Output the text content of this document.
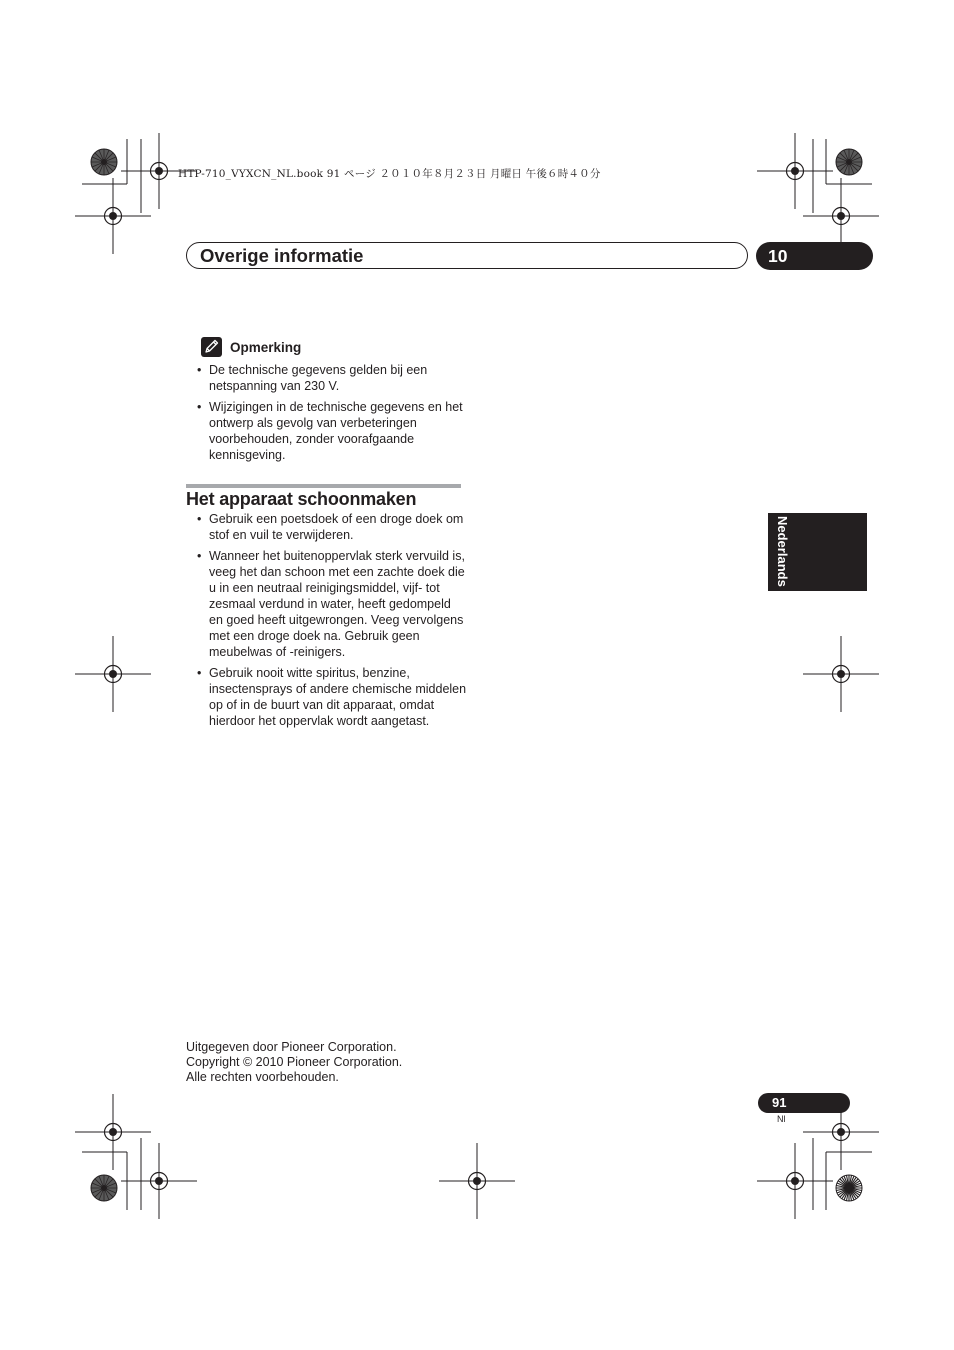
HTP-710_VYXCN_NL.book 91 ページ ２０１０年８月２３日 月曜日 午後６時４０分
Overige informatie	10
Opmerking
• De technische gegevens gelden bij een netspanning van 230 V.
• Wijzigingen in de technische gegevens en het ontwerp als gevolg van verbeteringen voorbehouden, zonder voorafgaande kennisgeving.
Het apparaat schoonmaken
• Gebruik een poetsdoek of een droge doek om stof en vuil te verwijderen.
• Wanneer het buitenoppervlak sterk vervuild is, veeg het dan schoon met een zachte doek die u in een neutraal reinigingsmiddel, vijf- tot zesmaal verdund in water, heeft gedompeld en goed heeft uitgewrongen. Veeg vervolgens met een droge doek na. Gebruik geen meubelwas of -reinigers.
• Gebruik nooit witte spiritus, benzine, insectensprays of andere chemische middelen op of in de buurt van dit apparaat, omdat hierdoor het oppervlak wordt aangetast.
Nederlands
Uitgegeven door Pioneer Corporation.
Copyright © 2010 Pioneer Corporation.
Alle rechten voorbehouden.
91
Nl
